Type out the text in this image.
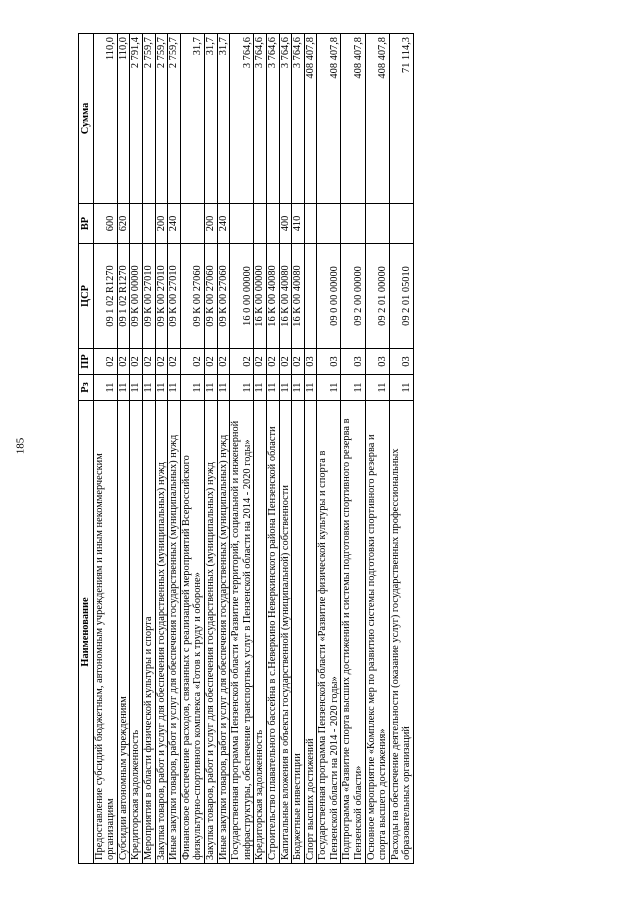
185
Наименование	Рз	ПР	ЦСР	ВР	Сумма
Предоставление субсидий бюджетным, автономным учреждениям и иным некоммерческим организациям	11	02	09 1 02 R1270	600	110,0
Субсидии автономным учреждениям	11	02	09 1 02 R1270	620	110,0
Кредиторская задолженность	11	02	09 К 00 00000		2 791,4
Мероприятия в области физической культуры и спорта	11	02	09 К 00 27010		2 759,7
Закупка товаров, работ и услуг для обеспечения государственных (муниципальных) нужд	11	02	09 К 00 27010	200	2 759,7
Иные закупки товаров, работ и услуг для обеспечения государственных (муниципальных) нужд	11	02	09 К 00 27010	240	2 759,7
Финансовое обеспечение расходов, связанных с реализацией мероприятий Всероссийского физкультурно-спортивного комплекса «Готов к труду и обороне»	11	02	09 К 00 27060		31,7
Закупка товаров, работ и услуг для обеспечения государственных (муниципальных) нужд	11	02	09 К 00 27060	200	31,7
Иные закупки товаров, работ и услуг для обеспечения государственных (муниципальных) нужд	11	02	09 К 00 27060	240	31,7
Государственная программа Пензенской области «Развитие территорий, социальной и инженерной инфраструктуры, обеспечение транспортных услуг в Пензенской области на 2014 - 2020 годы»	11	02	16 0 00 00000		3 764,6
Кредиторская задолженность	11	02	16 К 00 00000		3 764,6
Строительство плавательного бассейна в с.Неверкино Неверкинского района Пензенской области	11	02	16 К 00 40080		3 764,6
Капитальные вложения в объекты государственной (муниципальной) собственности	11	02	16 К 00 40080	400	3 764,6
Бюджетные инвестиции	11	02	16 К 00 40080	410	3 764,6
Спорт высших достижений	11	03			408 407,8
Государственная программа Пензенской области «Развитие физической культуры и спорта в Пензенской области на 2014 - 2020 годы»	11	03	09 0 00 00000		408 407,8
Подпрограмма «Развитие спорта высших достижений и системы подготовки спортивного резерва в Пензенской области»	11	03	09 2 00 00000		408 407,8
Основное мероприятие «Комплекс мер по развитию системы подготовки спортивного резерва и спорта высшего достижения»	11	03	09 2 01 00000		408 407,8
Расходы на обеспечение деятельности (оказание услуг) государственных профессиональных образовательных организаций	11	03	09 2 01 05010		71 114,3
